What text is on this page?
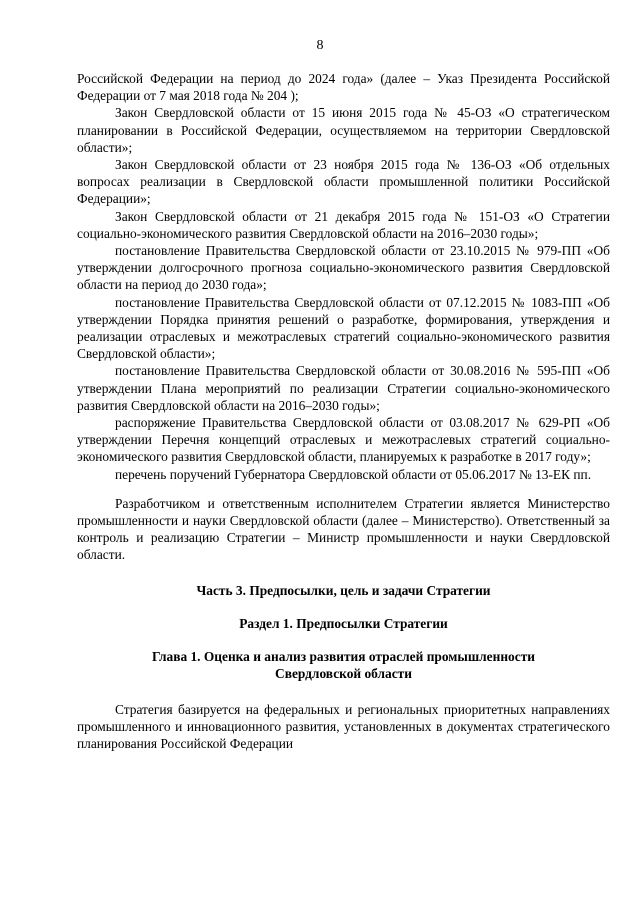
8

Российской Федерации на период до 2024 года» (далее – Указ Президента Российской Федерации от 7 мая 2018 года № 204 );

Закон Свердловской области от 15 июня 2015 года № 45-ОЗ «О стратегическом планировании в Российской Федерации, осуществляемом на территории Свердловской области»;

Закон Свердловской области от 23 ноября 2015 года № 136-ОЗ «Об отдельных вопросах реализации в Свердловской области промышленной политики Российской Федерации»;

Закон Свердловской области от 21 декабря 2015 года № 151-ОЗ «О Стратегии социально-экономического развития Свердловской области на 2016–2030 годы»;

постановление Правительства Свердловской области от 23.10.2015 № 979-ПП «Об утверждении долгосрочного прогноза социально-экономического развития Свердловской области на период до 2030 года»;

постановление Правительства Свердловской области от 07.12.2015 № 1083-ПП «Об утверждении Порядка принятия решений о разработке, формирования, утверждения и реализации отраслевых и межотраслевых стратегий социально-экономического развития Свердловской области»;

постановление Правительства Свердловской области от 30.08.2016 № 595-ПП «Об утверждении Плана мероприятий по реализации Стратегии социально-экономического развития Свердловской области на 2016–2030 годы»;

распоряжение Правительства Свердловской области от 03.08.2017 № 629-РП «Об утверждении Перечня концепций отраслевых и межотраслевых стратегий социально-экономического развития Свердловской области, планируемых к разработке в 2017 году»;

перечень поручений Губернатора Свердловской области от 05.06.2017 № 13-ЕК пп.

Разработчиком и ответственным исполнителем Стратегии является Министерство промышленности и науки Свердловской области (далее – Министерство). Ответственный за контроль и реализацию Стратегии – Министр промышленности и науки Свердловской области.

Часть 3. Предпосылки, цель и задачи Стратегии

Раздел 1. Предпосылки Стратегии

Глава 1. Оценка и анализ развития отраслей промышленности
Свердловской области

Стратегия базируется на федеральных и региональных приоритетных направлениях промышленного и инновационного развития, установленных в документах стратегического планирования Российской Федерации
